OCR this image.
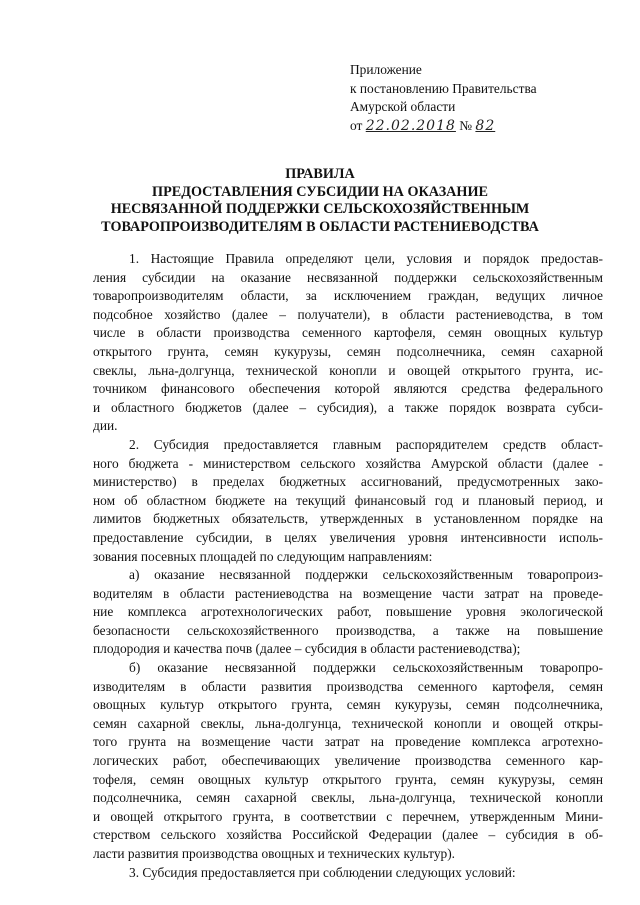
Приложение
к постановлению Правительства
Амурской области
от 22.02.2018 № 82
ПРАВИЛА
ПРЕДОСТАВЛЕНИЯ СУБСИДИИ НА ОКАЗАНИЕ
НЕСВЯЗАННОЙ ПОДДЕРЖКИ СЕЛЬСКОХОЗЯЙСТВЕННЫМ
ТОВАРОПРОИЗВОДИТЕЛЯМ В ОБЛАСТИ РАСТЕНИЕВОДСТВА
1. Настоящие Правила определяют цели, условия и порядок предостав-
ления субсидии на оказание несвязанной поддержки сельскохозяйственным
товаропроизводителям области, за исключением граждан, ведущих личное
подсобное хозяйство (далее – получатели), в области растениеводства, в том
числе в области производства семенного картофеля, семян овощных культур
открытого грунта, семян кукурузы, семян подсолнечника, семян сахарной
свеклы, льна-долгунца, технической конопли и овощей открытого грунта, ис-
точником финансового обеспечения которой являются средства федерального
и областного бюджетов (далее – субсидия), а также порядок возврата субси-
дии.
2. Субсидия предоставляется главным распорядителем средств област-
ного бюджета - министерством сельского хозяйства Амурской области (далее -
министерство) в пределах бюджетных ассигнований, предусмотренных зако-
ном об областном бюджете на текущий финансовый год и плановый период, и
лимитов бюджетных обязательств, утвержденных в установленном порядке на
предоставление субсидии, в целях увеличения уровня интенсивности исполь-
зования посевных площадей по следующим направлениям:
а) оказание несвязанной поддержки сельскохозяйственным товаропроиз-
водителям в области растениеводства на возмещение части затрат на проведе-
ние комплекса агротехнологических работ, повышение уровня экологической
безопасности сельскохозяйственного производства, а также на повышение
плодородия и качества почв (далее – субсидия в области растениеводства);
б) оказание несвязанной поддержки сельскохозяйственным товаропро-
изводителям в области развития производства семенного картофеля, семян
овощных культур открытого грунта, семян кукурузы, семян подсолнечника,
семян сахарной свеклы, льна-долгунца, технической конопли и овощей откры-
того грунта на возмещение части затрат на проведение комплекса агротехно-
логических работ, обеспечивающих увеличение производства семенного кар-
тофеля, семян овощных культур открытого грунта, семян кукурузы, семян
подсолнечника, семян сахарной свеклы, льна-долгунца, технической конопли
и овощей открытого грунта, в соответствии с перечнем, утвержденным Мини-
стерством сельского хозяйства Российской Федерации (далее – субсидия в об-
ласти развития производства овощных и технических культур).
3. Субсидия предоставляется при соблюдении следующих условий:
